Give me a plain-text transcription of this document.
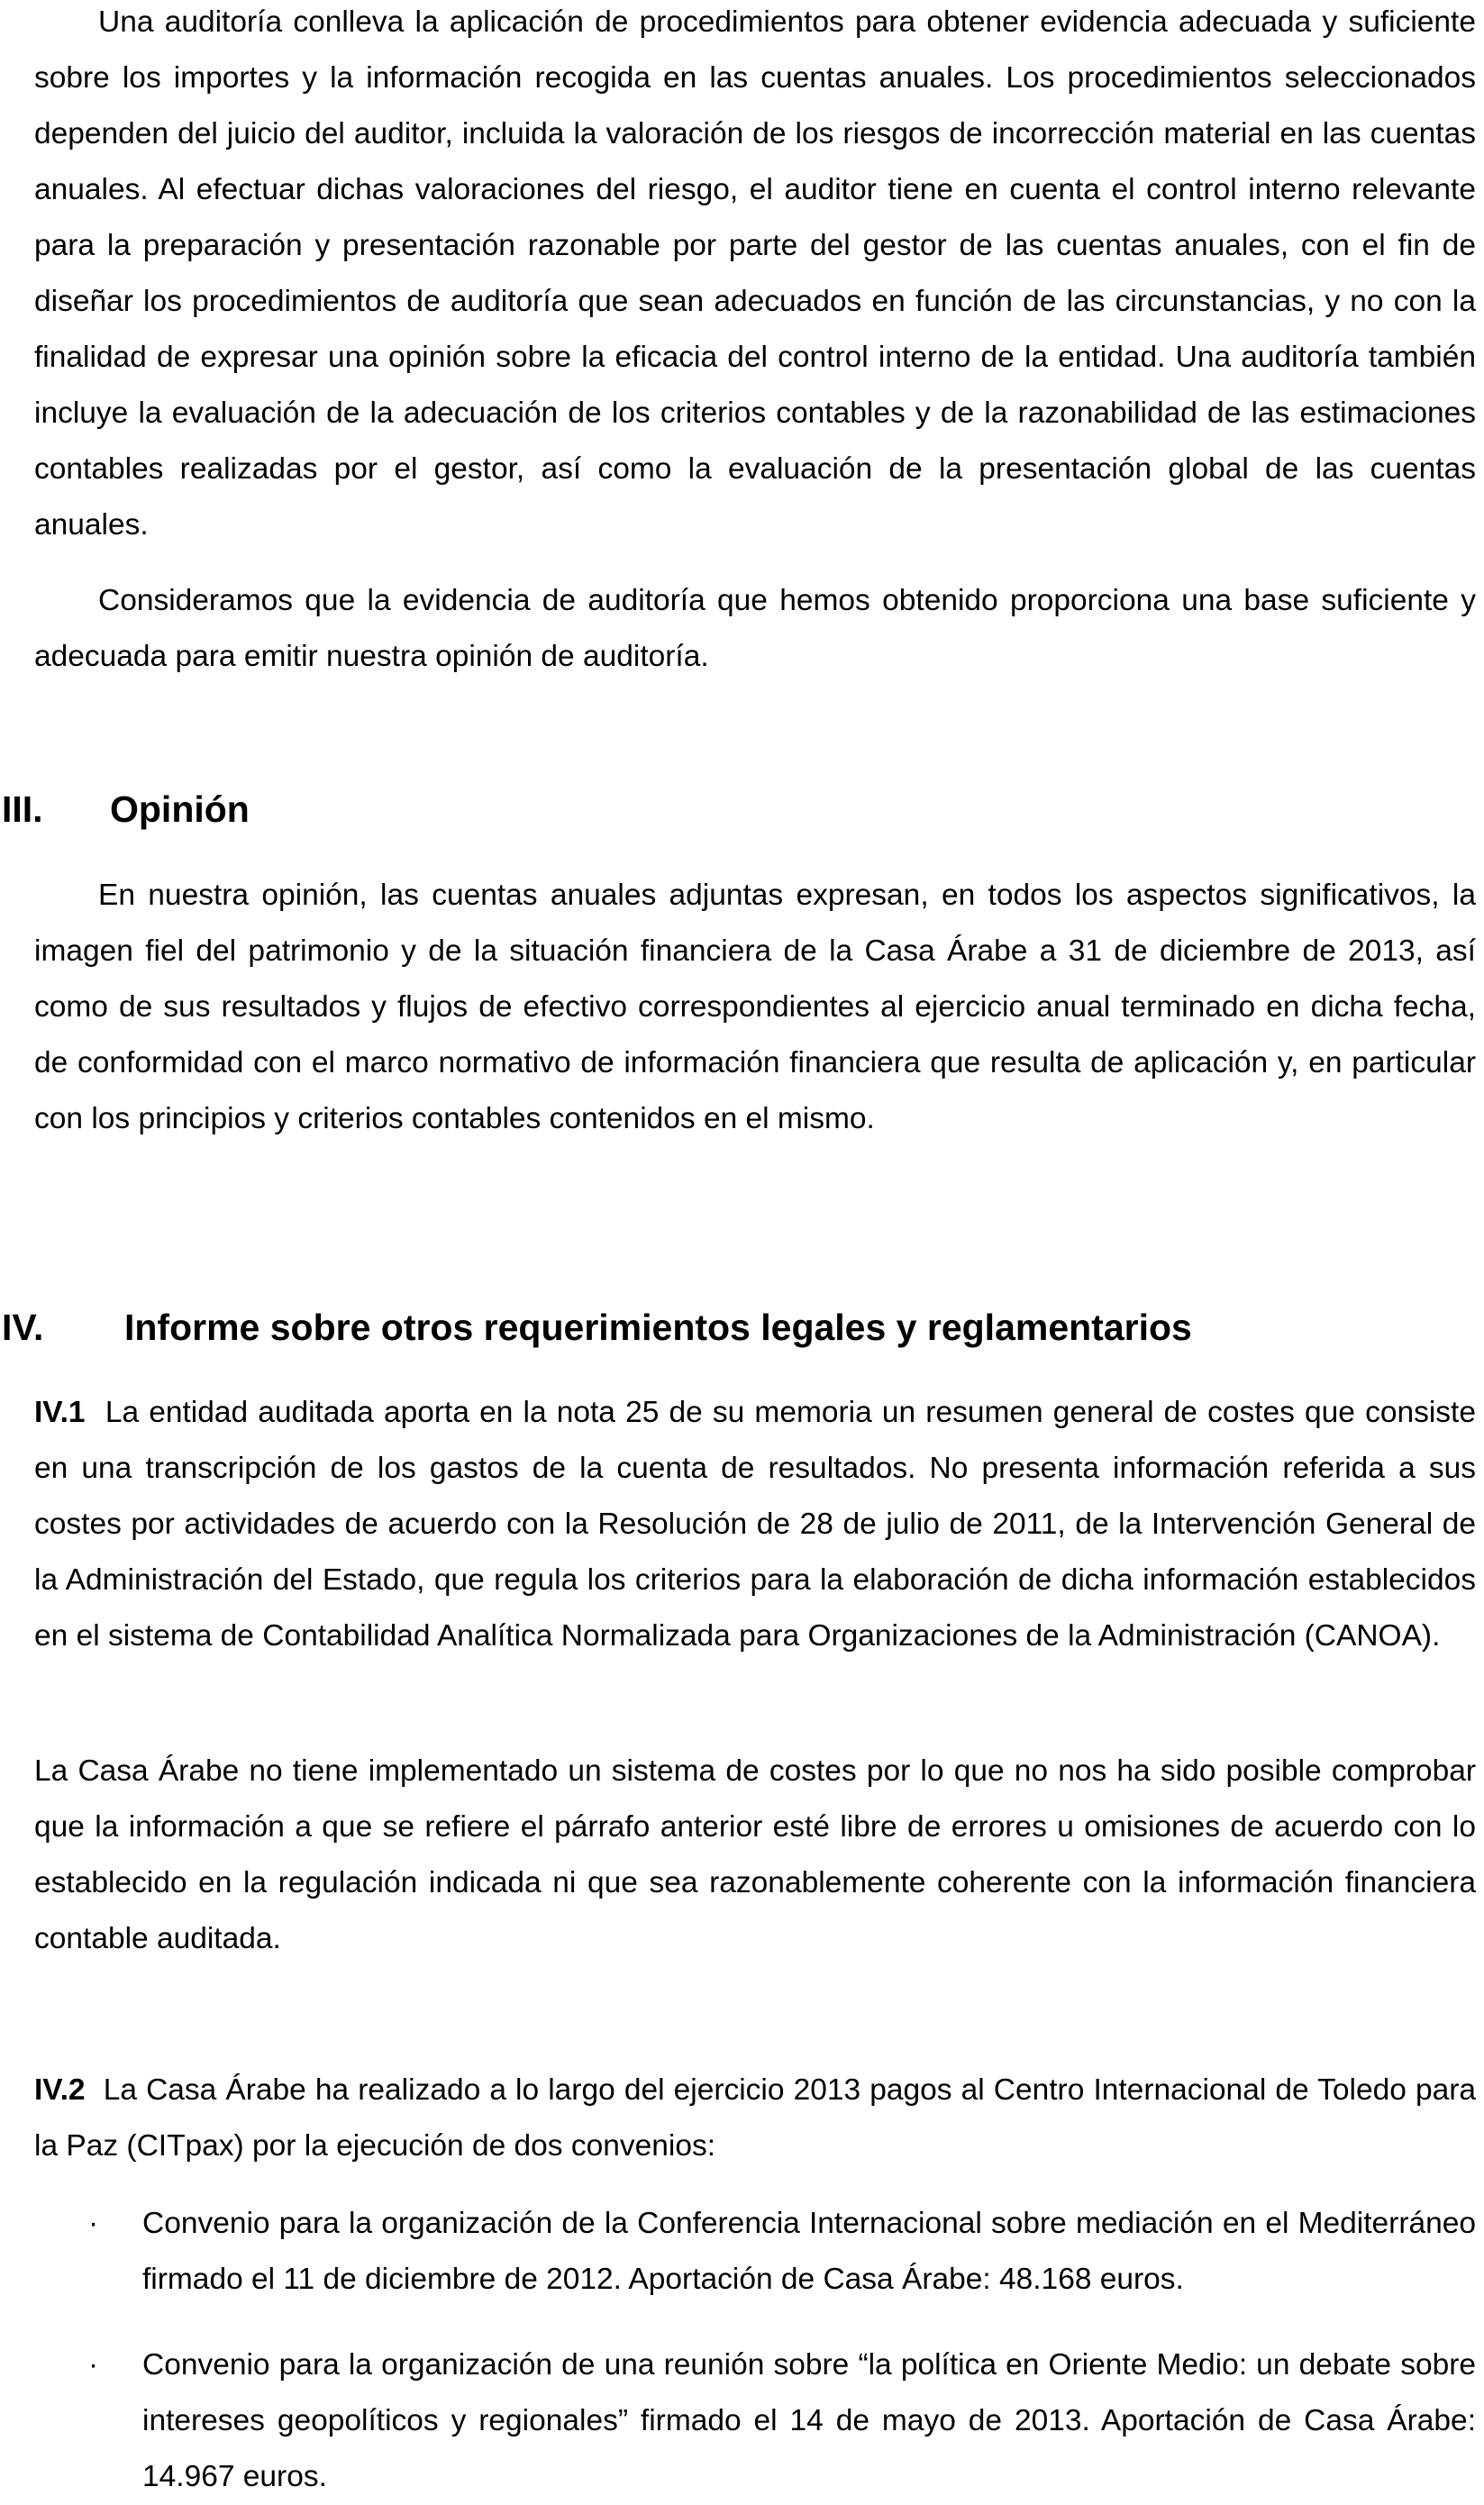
Una auditoría conlleva la aplicación de procedimientos para obtener evidencia adecuada y suficiente sobre los importes y la información recogida en las cuentas anuales. Los procedimientos seleccionados dependen del juicio del auditor, incluida la valoración de los riesgos de incorrección material en las cuentas anuales. Al efectuar dichas valoraciones del riesgo, el auditor tiene en cuenta el control interno relevante para la preparación y presentación razonable por parte del gestor de las cuentas anuales, con el fin de diseñar los procedimientos de auditoría que sean adecuados en función de las circunstancias, y no con la finalidad de expresar una opinión sobre la eficacia del control interno de la entidad. Una auditoría también incluye la evaluación de la adecuación de los criterios contables y de la razonabilidad de las estimaciones contables realizadas por el gestor, así como la evaluación de la presentación global de las cuentas anuales.

Consideramos que la evidencia de auditoría que hemos obtenido proporciona una base suficiente y adecuada para emitir nuestra opinión de auditoría.

III.	Opinión

En nuestra opinión, las cuentas anuales adjuntas expresan, en todos los aspectos significativos, la imagen fiel del patrimonio y de la situación financiera de la Casa Árabe a 31 de diciembre de 2013, así como de sus resultados y flujos de efectivo correspondientes al ejercicio anual terminado en dicha fecha, de conformidad con el marco normativo de información financiera que resulta de aplicación y, en particular con los principios y criterios contables contenidos en el mismo.

IV.	Informe sobre otros requerimientos legales y reglamentarios

IV.1 La entidad auditada aporta en la nota 25 de su memoria un resumen general de costes que consiste en una transcripción de los gastos de la cuenta de resultados. No presenta información referida a sus costes por actividades de acuerdo con la Resolución de 28 de julio de 2011, de la Intervención General de la Administración del Estado, que regula los criterios para la elaboración de dicha información establecidos en el sistema de Contabilidad Analítica Normalizada para Organizaciones de la Administración (CANOA).

La Casa Árabe no tiene implementado un sistema de costes por lo que no nos ha sido posible comprobar que la información a que se refiere el párrafo anterior esté libre de errores u omisiones de acuerdo con lo establecido en la regulación indicada ni que sea razonablemente coherente con la información financiera contable auditada.

IV.2 La Casa Árabe ha realizado a lo largo del ejercicio 2013 pagos al Centro Internacional de Toledo para la Paz (CITpax) por la ejecución de dos convenios:

·	Convenio para la organización de la Conferencia Internacional sobre mediación en el Mediterráneo firmado el 11 de diciembre de 2012. Aportación de Casa Árabe: 48.168 euros.

·	Convenio para la organización de una reunión sobre “la política en Oriente Medio: un debate sobre intereses geopolíticos y regionales” firmado el 14 de mayo de 2013. Aportación de Casa Árabe: 14.967 euros.
